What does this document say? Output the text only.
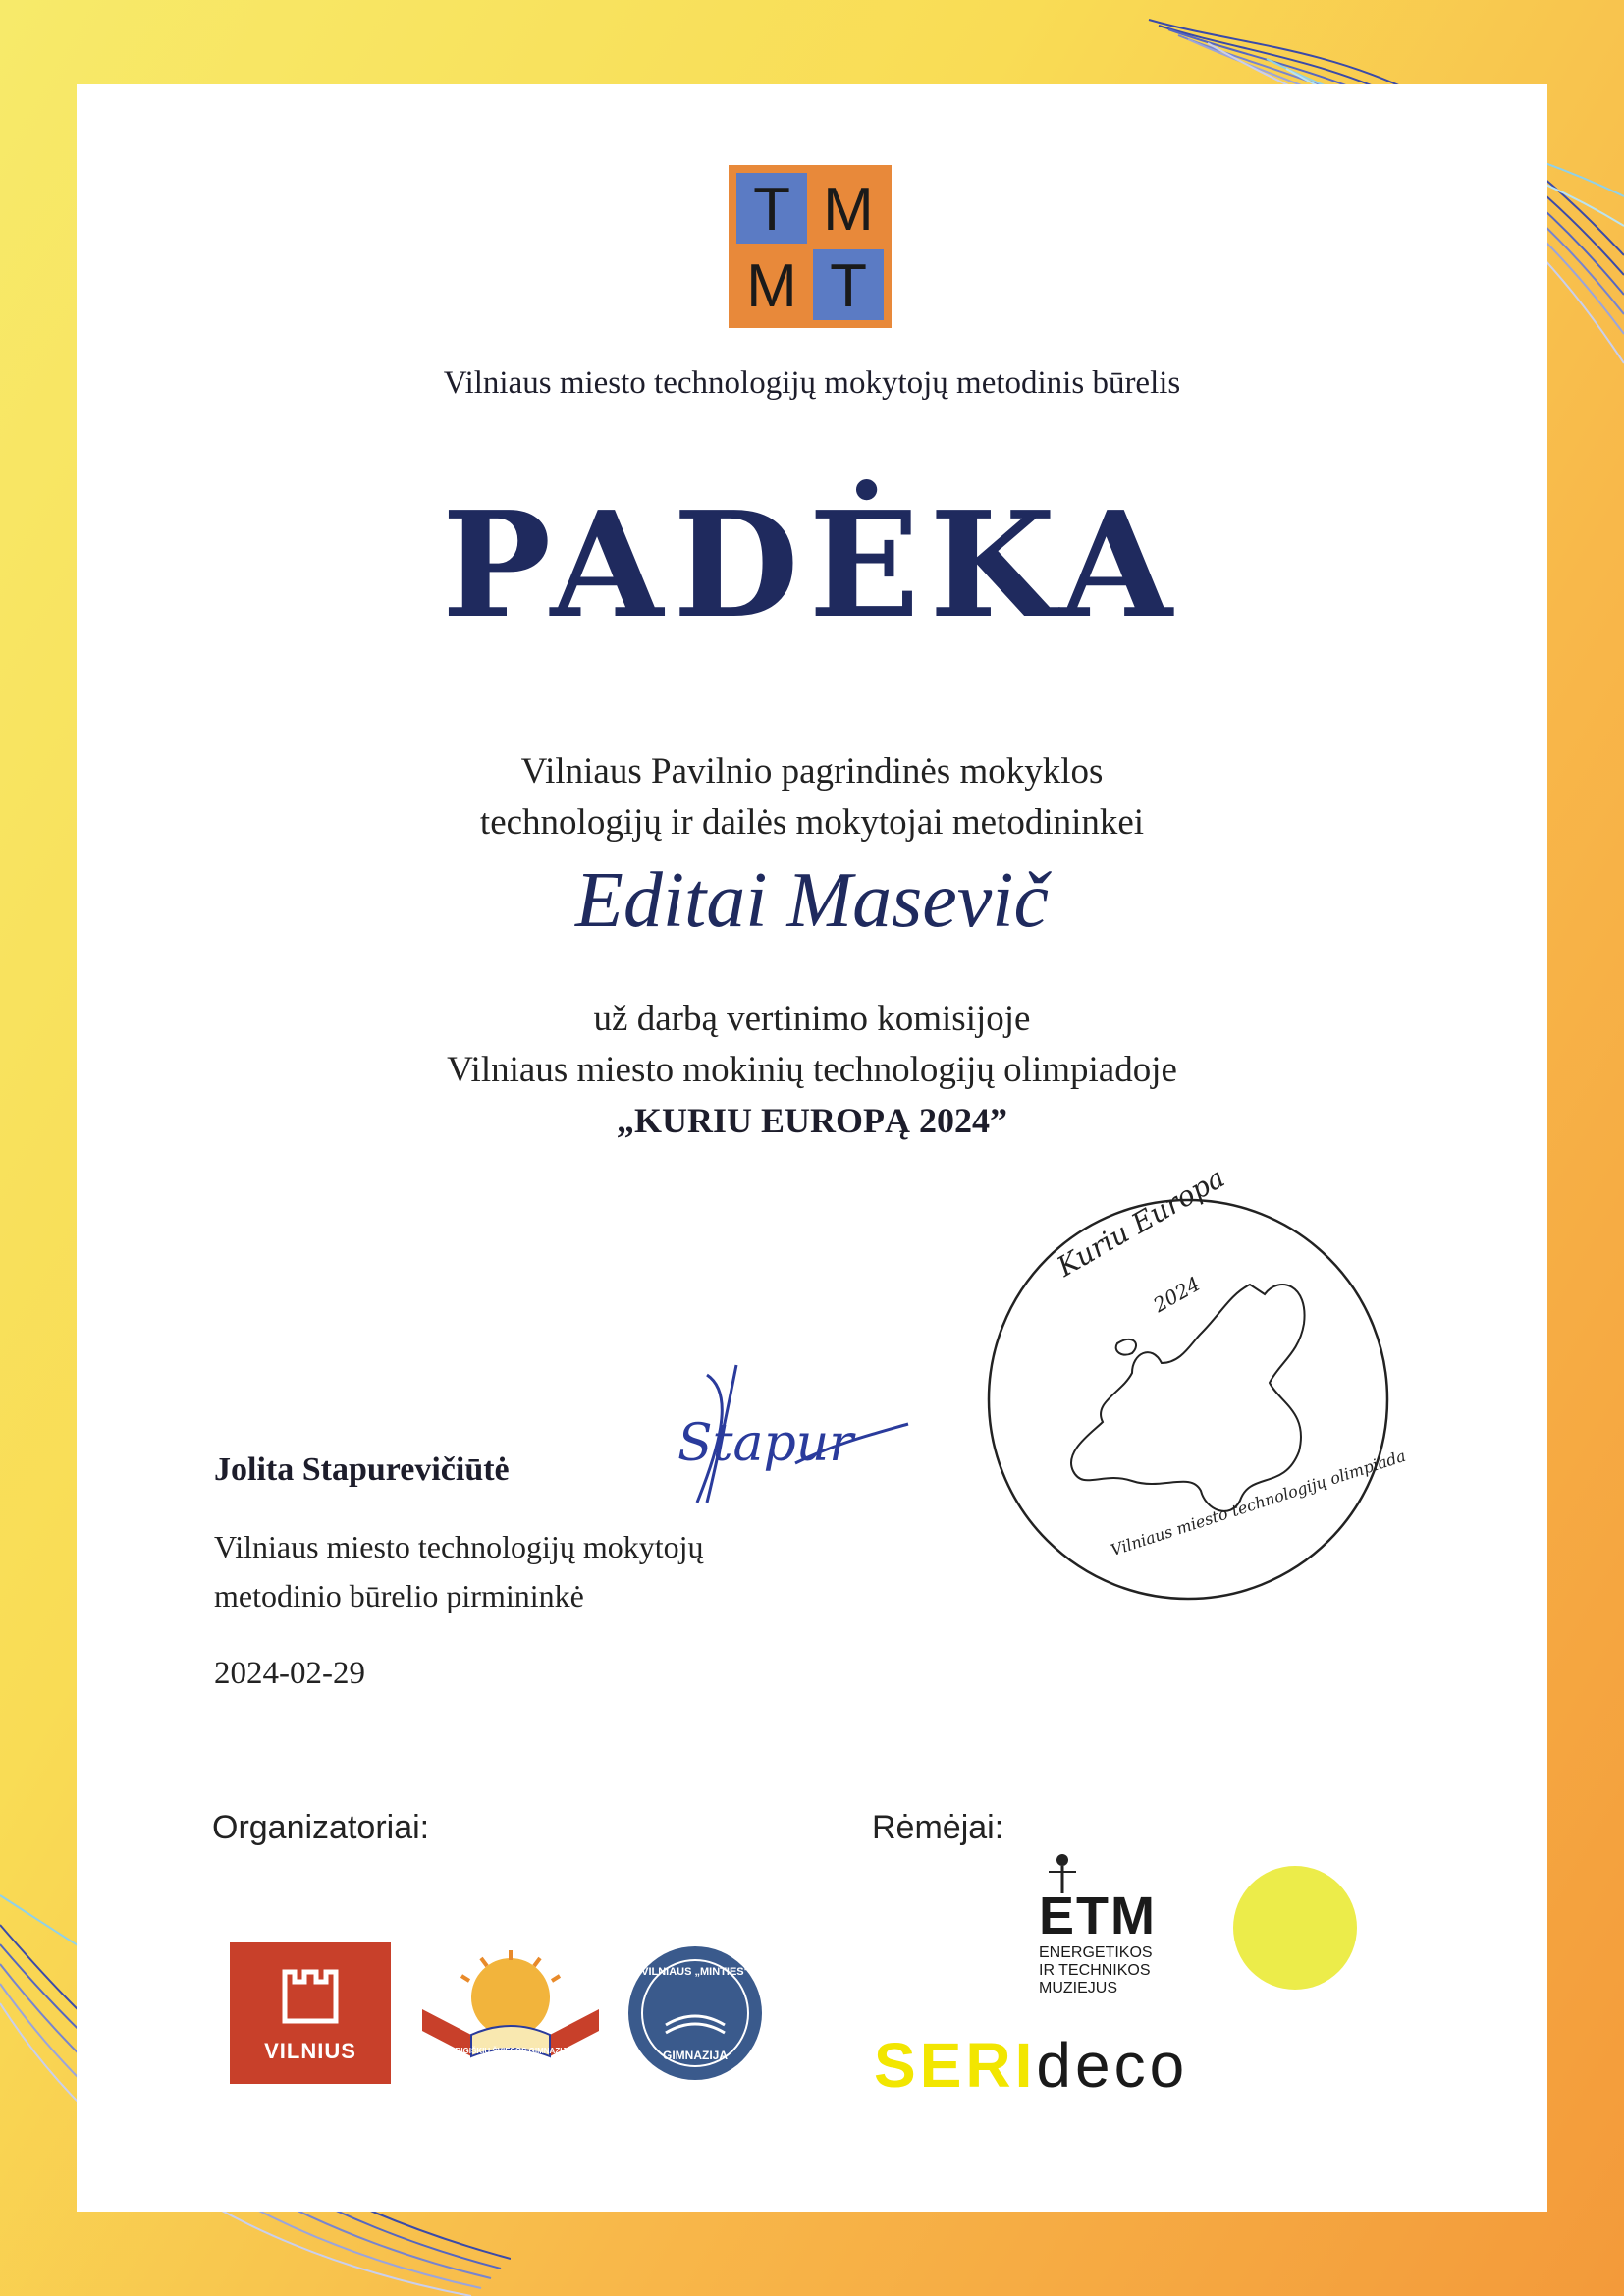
T M
M T
Vilniaus miesto technologijų mokytojų metodinis būrelis
PADĖKA
Vilniaus Pavilnio pagrindinės mokyklos
technologijų ir dailės mokytojai metodininkei
Editai Masevič
už darbą vertinimo komisijoje
Vilniaus miesto mokinių technologijų olimpiadoje
„KURIU EUROPĄ 2024”
Stapur
Jolita Stapurevičiūtė
Vilniaus miesto technologijų mokytojų
metodinio būrelio pirmininkė
2024-02-29
Kuriu Europa
2024
Vilniaus miesto technologijų olimpiada
Organizatoriai:
VILNIUS	GRIGIŠKIŲ ŠVIESOS GIMNAZIJA
VILNIAUS „MINTIES"
GIMNAZIJA
Rėmėjai:
ETM
ENERGETIKOS
IR TECHNIKOS
MUZIEJUS
SERIdeco
